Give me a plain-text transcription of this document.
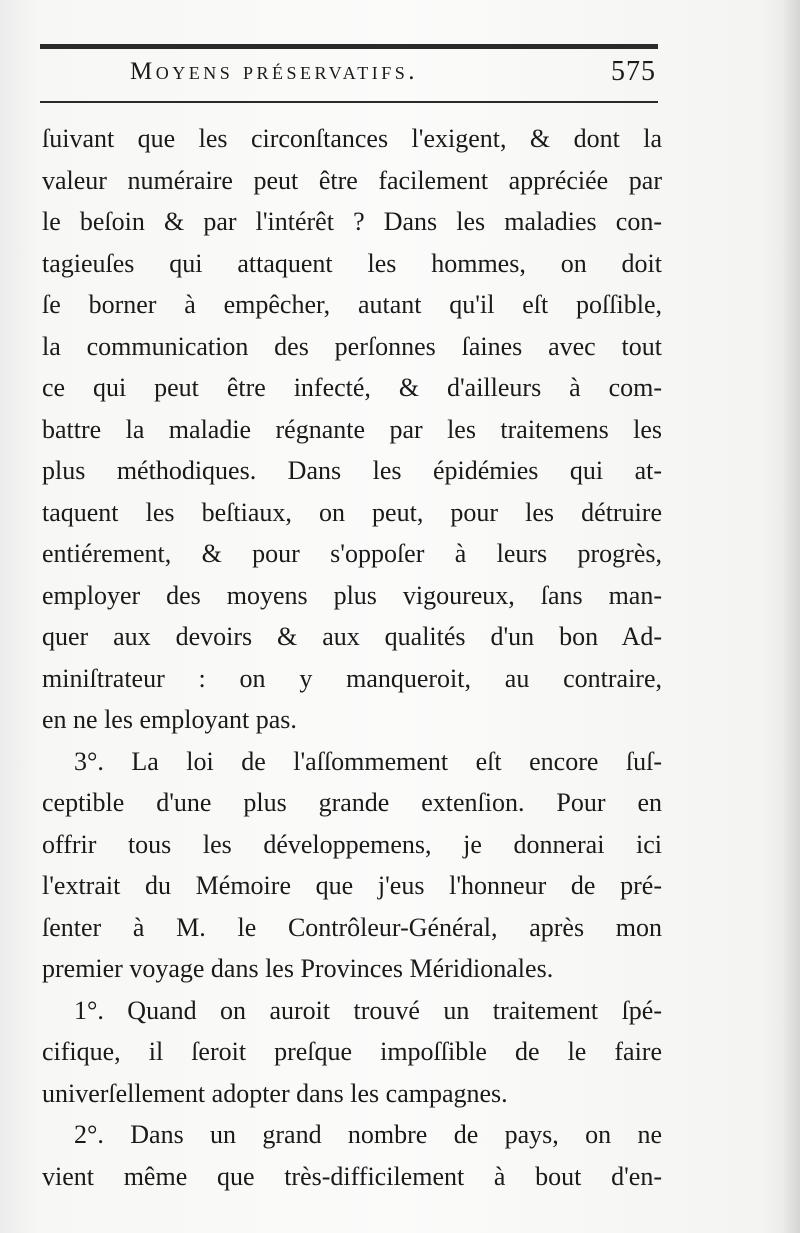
Moyens préservatifs.	575
ſuivant que les circonſtances l'exigent, & dont la
valeur numéraire peut être facilement appréciée par
le beſoin & par l'intérêt ? Dans les maladies con-
tagieuſes qui attaquent les hommes, on doit
ſe borner à empêcher, autant qu'il eſt poſſible,
la communication des perſonnes ſaines avec tout
ce qui peut être infecté, & d'ailleurs à com-
battre la maladie régnante par les traitemens les
plus méthodiques. Dans les épidémies qui at-
taquent les beſtiaux, on peut, pour les détruire
entiérement, & pour s'oppoſer à leurs progrès,
employer des moyens plus vigoureux, ſans man-
quer aux devoirs & aux qualités d'un bon Ad-
miniſtrateur : on y manqueroit, au contraire,
en ne les employant pas.
3°. La loi de l'aſſommement eſt encore ſuſ-
ceptible d'une plus grande extenſion. Pour en
offrir tous les développemens, je donnerai ici
l'extrait du Mémoire que j'eus l'honneur de pré-
ſenter à M. le Contrôleur-Général, après mon
premier voyage dans les Provinces Méridionales.
1°. Quand on auroit trouvé un traitement ſpé-
cifique, il ſeroit preſque impoſſible de le faire
univerſellement adopter dans les campagnes.
2°. Dans un grand nombre de pays, on ne
vient même que très-difficilement à bout d'en-
